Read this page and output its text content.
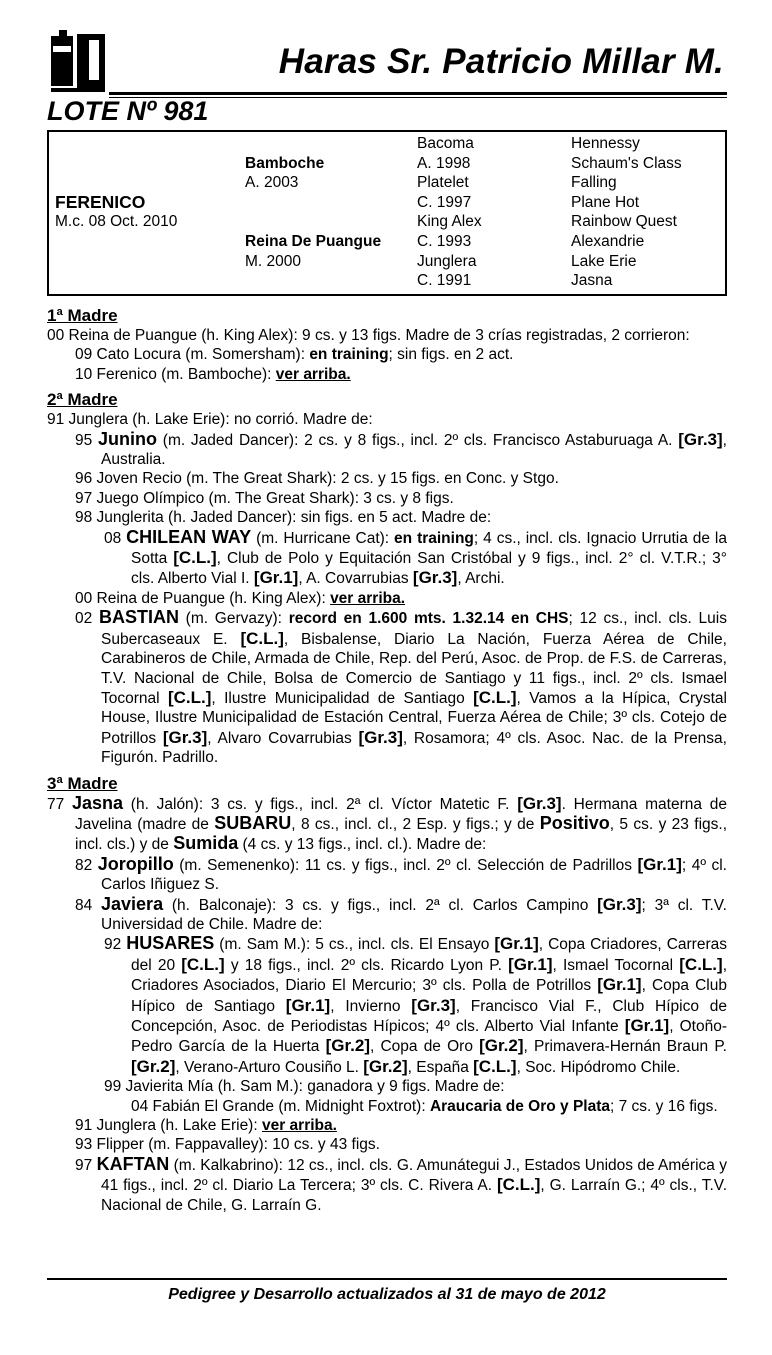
Haras Sr. Patricio Millar M.
LOTE Nº 981
FERENICO
M.c. 08 Oct. 2010
Bamboche
A. 2003
Reina De Puangue
M. 2000
Bacoma
A. 1998
Platelet
C. 1997
King Alex
C. 1993
Junglera
C. 1991
Hennessy
Schaum's Class
Falling
Plane Hot
Rainbow Quest
Alexandrie
Lake Erie
Jasna
1ª Madre
00 Reina de Puangue (h. King Alex): 9 cs. y 13 figs. Madre de 3 crías registradas, 2 corrieron:
09 Cato Locura (m. Somersham): en training; sin figs. en 2 act.
10 Ferenico (m. Bamboche): ver arriba.
2ª Madre
91 Junglera (h. Lake Erie): no corrió. Madre de:
95 Junino (m. Jaded Dancer): 2 cs. y 8 figs., incl. 2º cls. Francisco Astaburuaga A. [Gr.3], Australia.
96 Joven Recio (m. The Great Shark): 2 cs. y 15 figs. en Conc. y Stgo.
97 Juego Olímpico (m. The Great Shark): 3 cs. y 8 figs.
98 Junglerita (h. Jaded Dancer): sin figs. en 5 act. Madre de:
08 CHILEAN WAY (m. Hurricane Cat): en training; 4 cs., incl. cls. Ignacio Urrutia de la Sotta [C.L.], Club de Polo y Equitación San Cristóbal y 9 figs., incl. 2° cl. V.T.R.; 3° cls. Alberto Vial I. [Gr.1], A. Covarrubias [Gr.3], Archi.
00 Reina de Puangue (h. King Alex): ver arriba.
02 BASTIAN (m. Gervazy): record en 1.600 mts. 1.32.14 en CHS; 12 cs., incl. cls. Luis Subercaseaux E. [C.L.], Bisbalense, Diario La Nación, Fuerza Aérea de Chile, Carabineros de Chile, Armada de Chile, Rep. del Perú, Asoc. de Prop. de F.S. de Carreras, T.V. Nacional de Chile, Bolsa de Comercio de Santiago y 11 figs., incl. 2º cls. Ismael Tocornal [C.L.], Ilustre Municipalidad de Santiago [C.L.], Vamos a la Hípica, Crystal House, Ilustre Municipalidad de Estación Central, Fuerza Aérea de Chile; 3º cls. Cotejo de Potrillos [Gr.3], Alvaro Covarrubias [Gr.3], Rosamora; 4º cls. Asoc. Nac. de la Prensa, Figurón. Padrillo.
3ª Madre
77 Jasna (h. Jalón): 3 cs. y figs., incl. 2ª cl. Víctor Matetic F. [Gr.3]. Hermana materna de Javelina (madre de SUBARU, 8 cs., incl. cl., 2 Esp. y figs.; y de Positivo, 5 cs. y 23 figs., incl. cls.) y de Sumida (4 cs. y 13 figs., incl. cl.). Madre de:
82 Joropillo (m. Semenenko): 11 cs. y figs., incl. 2º cl. Selección de Padrillos [Gr.1]; 4º cl. Carlos Iñiguez S.
84 Javiera (h. Balconaje): 3 cs. y figs., incl. 2ª cl. Carlos Campino [Gr.3]; 3ª cl. T.V. Universidad de Chile. Madre de:
92 HUSARES (m. Sam M.): 5 cs., incl. cls. El Ensayo [Gr.1], Copa Criadores, Carreras del 20 [C.L.] y 18 figs., incl. 2º cls. Ricardo Lyon P. [Gr.1], Ismael Tocornal [C.L.], Criadores Asociados, Diario El Mercurio; 3º cls. Polla de Potrillos [Gr.1], Copa Club Hípico de Santiago [Gr.1], Invierno [Gr.3], Francisco Vial F., Club Hípico de Concepción, Asoc. de Periodistas Hípicos; 4º cls. Alberto Vial Infante [Gr.1], Otoño-Pedro García de la Huerta [Gr.2], Copa de Oro [Gr.2], Primavera-Hernán Braun P. [Gr.2], Verano-Arturo Cousiño L. [Gr.2], España [C.L.], Soc. Hipódromo Chile.
99 Javierita Mía (h. Sam M.): ganadora y 9 figs. Madre de:
04 Fabián El Grande (m. Midnight Foxtrot): Araucaria de Oro y Plata; 7 cs. y 16 figs.
91 Junglera (h. Lake Erie): ver arriba.
93 Flipper (m. Fappavalley): 10 cs. y 43 figs.
97 KAFTAN (m. Kalkabrino): 12 cs., incl. cls. G. Amunátegui J., Estados Unidos de América y 41 figs., incl. 2º cl. Diario La Tercera; 3º cls. C. Rivera A. [C.L.], G. Larraín G.; 4º cls., T.V. Nacional de Chile, G. Larraín G.
Pedigree y Desarrollo actualizados al 31 de mayo de 2012
